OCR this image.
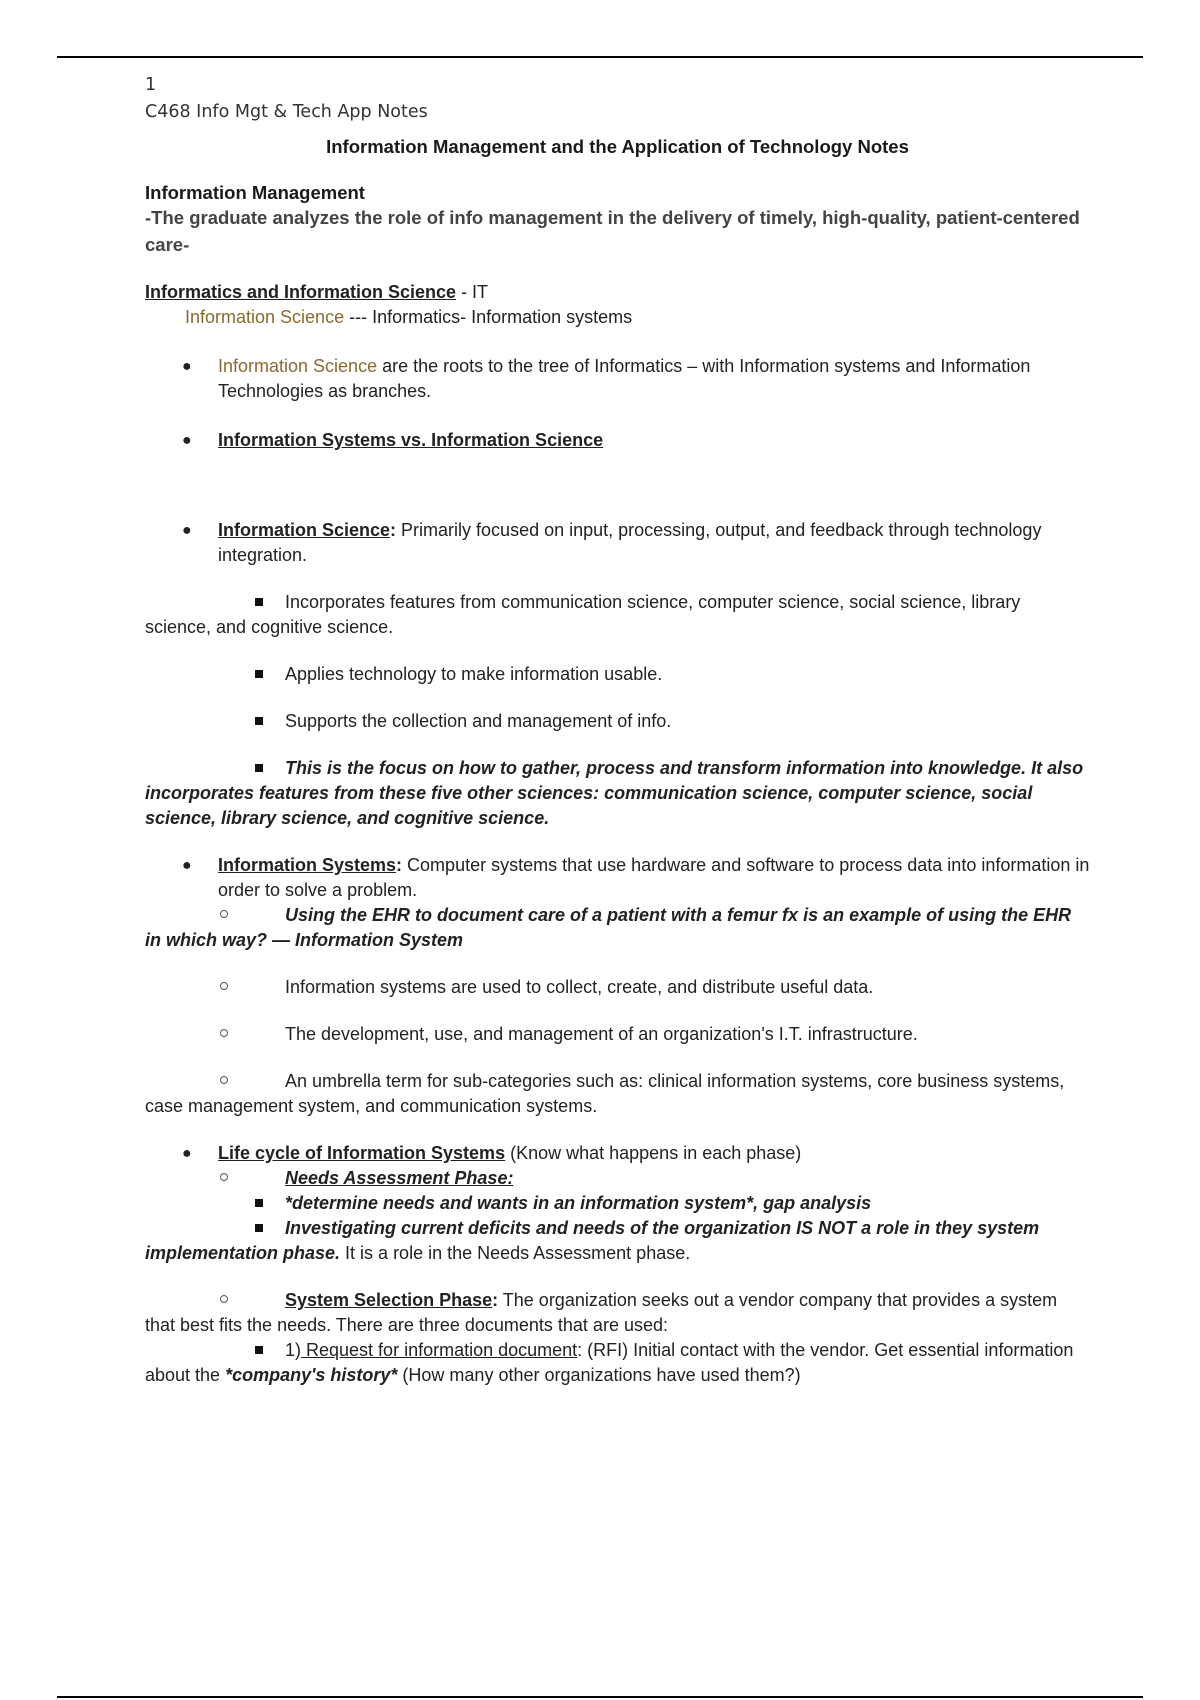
1
C468 Info Mgt & Tech App Notes
Information Management and the Application of Technology Notes
Information Management
-The graduate analyzes the role of info management in the delivery of timely, high-quality, patient-centered care-

Informatics and Information Science - IT

Information Science --- Informatics- Information systems

● Information Science are the roots to the tree of Informatics – with Information systems and Information Technologies as branches.
● Information Systems vs. Information Science
● Information Science: Primarily focused on input, processing, output, and feedback through technology integration.

Incorporates features from communication science, computer science, social science, library science, and cognitive science.

Applies technology to make information usable.

Supports the collection and management of info.

This is the focus on how to gather, process and transform information into knowledge. It also incorporates features from these five other sciences: communication science, computer science, social science, library science, and cognitive science.

● Information Systems: Computer systems that use hardware and software to process data into information in order to solve a problem.

Using the EHR to document care of a patient with a femur fx is an example of using the EHR in which way? — Information System

Information systems are used to collect, create, and distribute useful data.

The development, use, and management of an organization's I.T. infrastructure.

An umbrella term for sub-categories such as: clinical information systems, core business systems, case management system, and communication systems.

● Life cycle of Information Systems (Know what happens in each phase)

Needs Assessment Phase:

*determine needs and wants in an information system*, gap analysis

Investigating current deficits and needs of the organization IS NOT a role in they system implementation phase. It is a role in the Needs Assessment phase.

System Selection Phase: The organization seeks out a vendor company that provides a system that best fits the needs. There are three documents that are used:

1) Request for information document: (RFI) Initial contact with the vendor. Get essential information about the *company's history* (How many other organizations have used them?)
